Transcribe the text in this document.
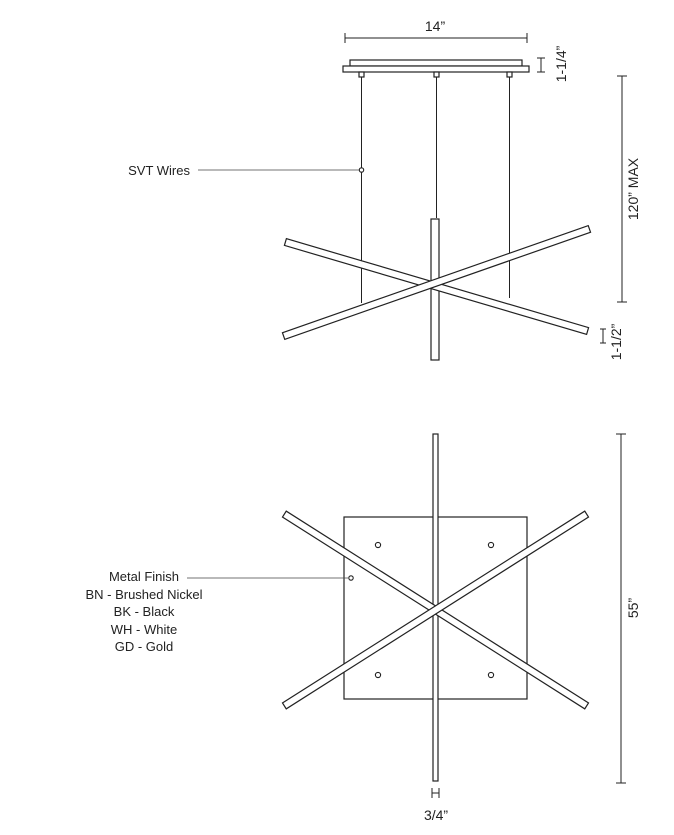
14”
1-1/4”
SVT Wires	120” MAX
1-1/2”
Metal Finish
BN - Brushed Nickel
BK - Black
WH - White
GD - Gold
55”
3/4”
